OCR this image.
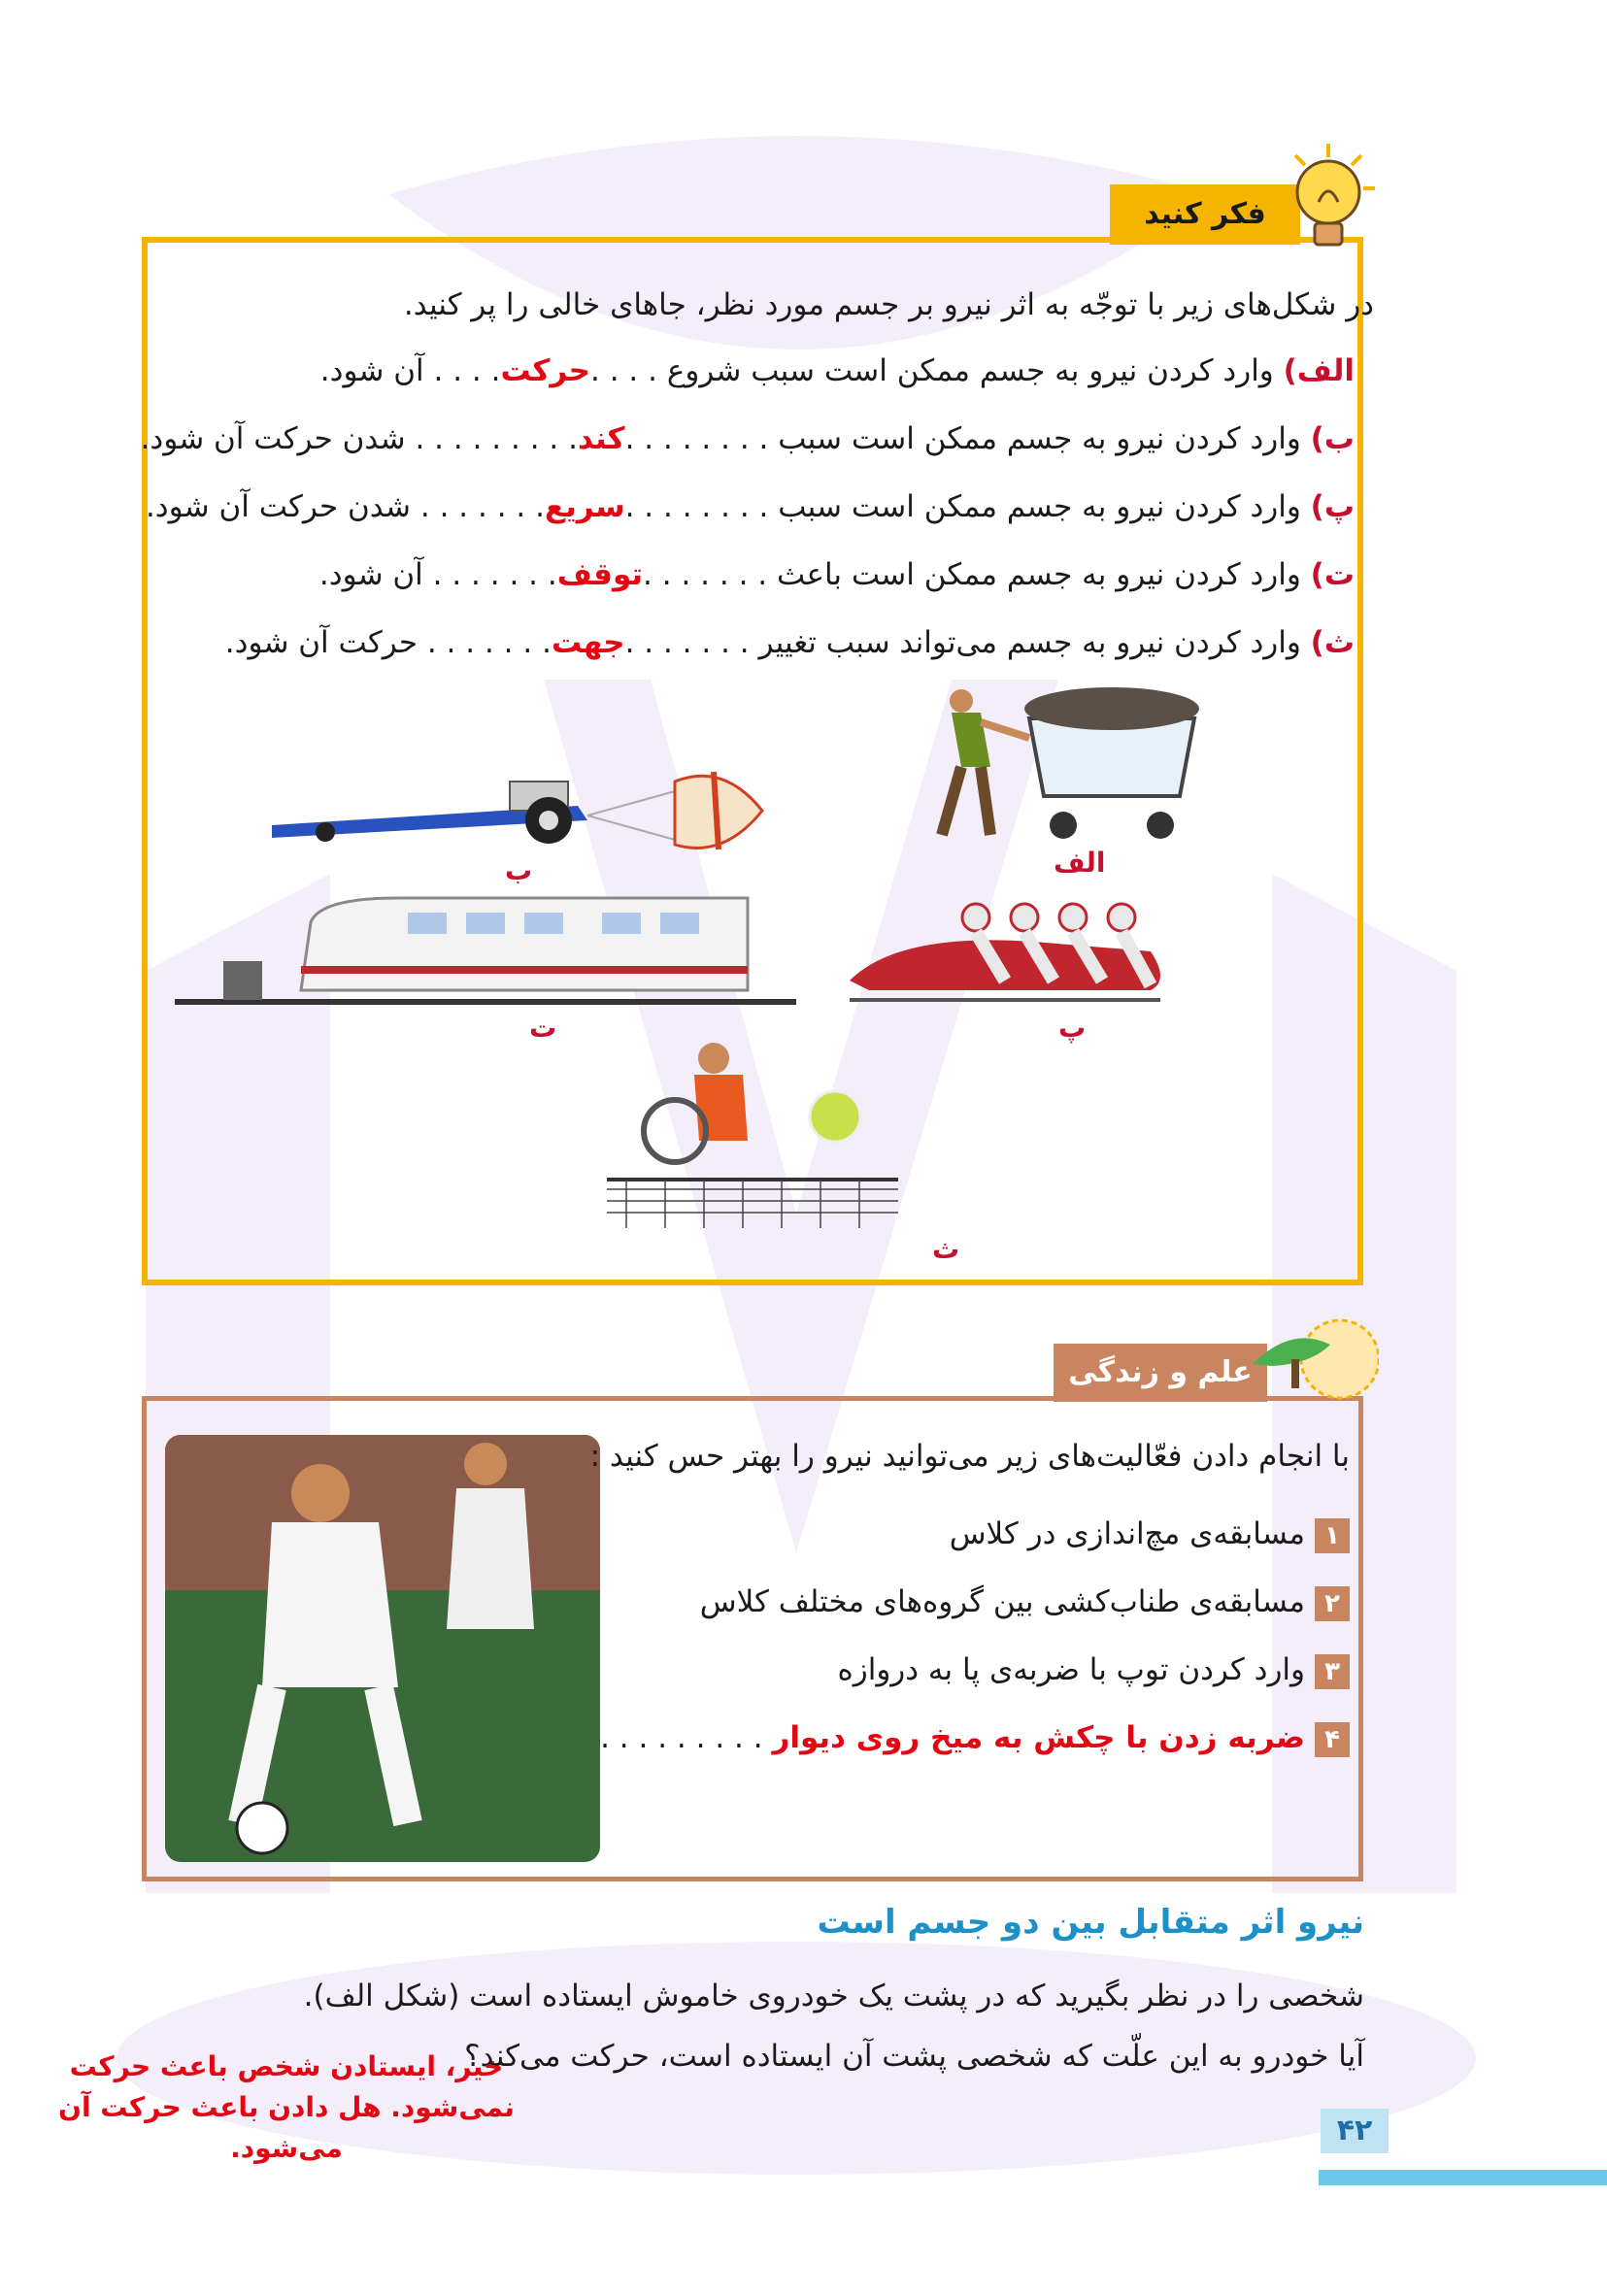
فکر کنید
در شکل‌های زیر با توجّه به اثر نیرو بر جسم مورد نظر، جاهای خالی را پر کنید.
الف) وارد کردن نیرو به جسم ممکن است سبب شروع . . . .حرکت. . . . آن شود.
ب) وارد کردن نیرو به جسم ممکن است سبب . . . . . . . .کند. . . . . . . . . شدن حرکت آن شود.
پ) وارد کردن نیرو به جسم ممکن است سبب . . . . . . . .سریع. . . . . . . شدن حرکت آن شود.
ت) وارد کردن نیرو به جسم ممکن است باعث . . . . . . .توقف. . . . . . . آن شود.
ث) وارد کردن نیرو به جسم می‌تواند سبب تغییر . . . . . . .جهت. . . . . . . حرکت آن شود.
الف
ب
پ
ت
ث
علم و زندگی
با انجام دادن فعّالیت‌های زیر می‌توانید نیرو را بهتر حس کنید :
۱مسابقه‌ی مچ‌اندازی در کلاس
۲مسابقه‌ی طناب‌کشی بین گروه‌های مختلف کلاس
۳وارد کردن توپ با ضربه‌ی پا به دروازه
۴ضربه زدن با چکش به میخ روی دیوار . . . . . . . . .
نیرو اثر متقابل بین دو جسم است
شخصی را در نظر بگیرید که در پشت یک خودروی خاموش ایستاده است (شکل الف).
آیا خودرو به این علّت که شخصی پشت آن ایستاده است، حرکت می‌کند؟
خیر، ایستادن شخص باعث حرکت نمی‌شود. هل دادن باعث حرکت آن می‌شود.
۴۲
